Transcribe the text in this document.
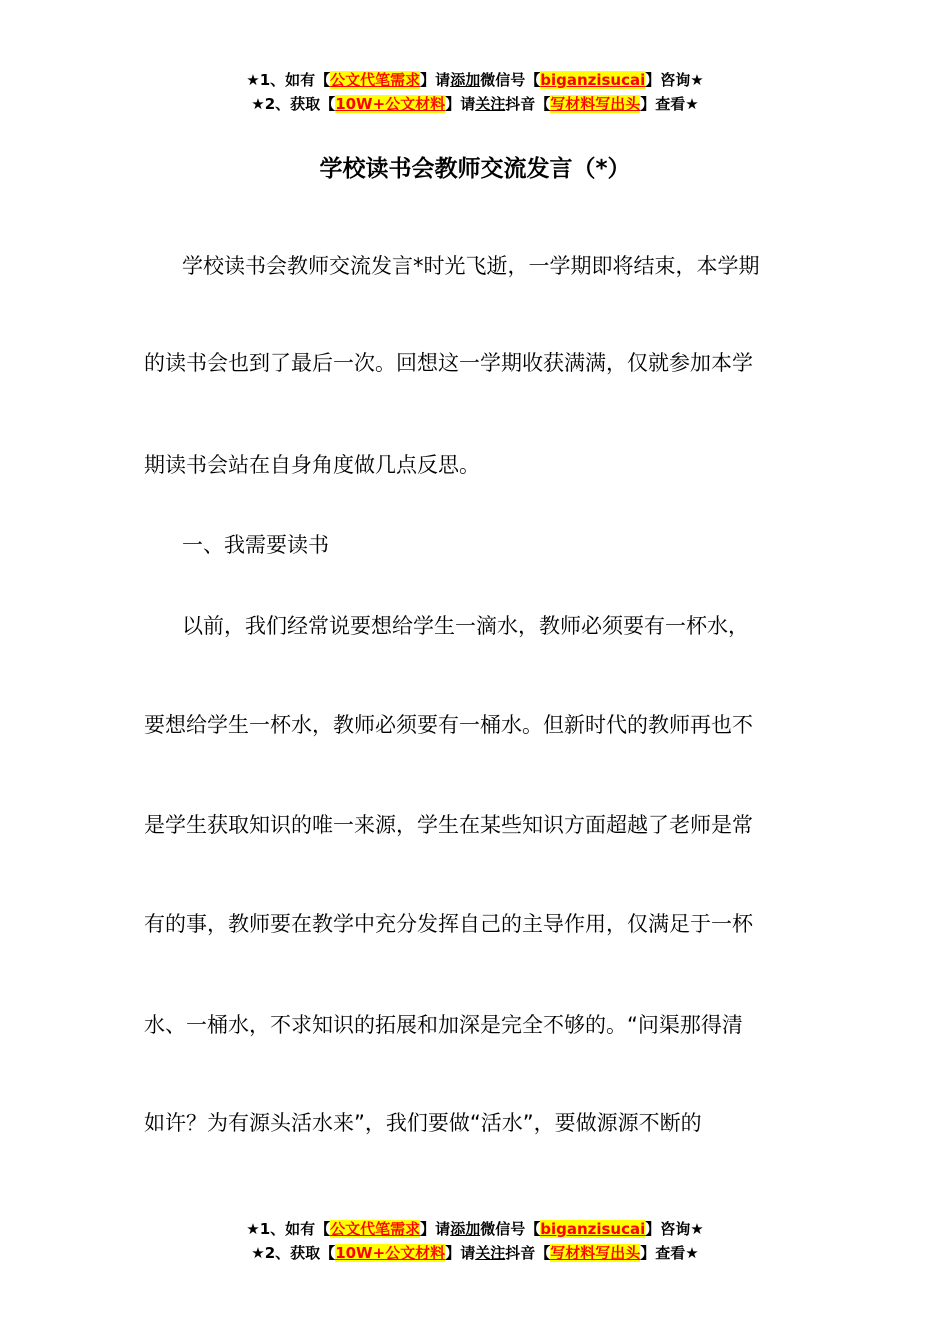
★1、如有【公文代笔需求】请添加微信号【biganzisucai】咨询★
★2、获取【10W+公文材料】请关注抖音【写材料写出头】查看★
学校读书会教师交流发言（*）
学校读书会教师交流发言*时光飞逝，一学期即将结束，本学期
的读书会也到了最后一次。回想这一学期收获满满，仅就参加本学
期读书会站在自身角度做几点反思。
一、我需要读书
以前，我们经常说要想给学生一滴水，教师必须要有一杯水，
要想给学生一杯水，教师必须要有一桶水。但新时代的教师再也不
是学生获取知识的唯一来源，学生在某些知识方面超越了老师是常
有的事，教师要在教学中充分发挥自己的主导作用，仅满足于一杯
水、一桶水，不求知识的拓展和加深是完全不够的。“问渠那得清
如许？为有源头活水来”，我们要做“活水”，要做源源不断的
★1、如有【公文代笔需求】请添加微信号【biganzisucai】咨询★
★2、获取【10W+公文材料】请关注抖音【写材料写出头】查看★
